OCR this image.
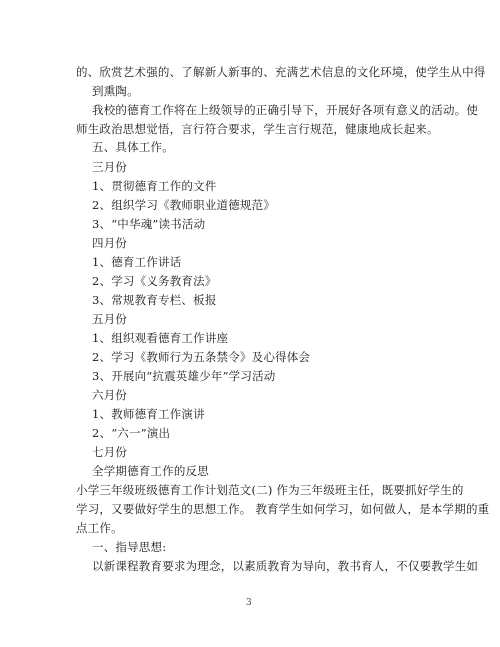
的、欣赏艺术强的、了解新人新事的、充满艺术信息的文化环境，使学生从中得
到熏陶。
我校的德育工作将在上级领导的正确引导下，开展好各项有意义的活动。使
师生政治思想觉悟，言行符合要求，学生言行规范，健康地成长起来。
五、具体工作。
三月份
1、贯彻德育工作的文件
2、组织学习《教师职业道德规范》
3、“中华魂”读书活动
四月份
1、德育工作讲话
2、学习《义务教育法》
3、常规教育专栏、板报
五月份
1、组织观看德育工作讲座
2、学习《教师行为五条禁令》及心得体会
3、开展向“抗震英雄少年”学习活动
六月份
1、教师德育工作演讲
2、“六一”演出
七月份
全学期德育工作的反思
小学三年级班级德育工作计划范文(二) 作为三年级班主任，既要抓好学生的
学习，又要做好学生的思想工作。 教育学生如何学习，如何做人，是本学期的重
点工作。
一、指导思想:
以新课程教育要求为理念，以素质教育为导向，教书育人，不仅要教学生如
3
